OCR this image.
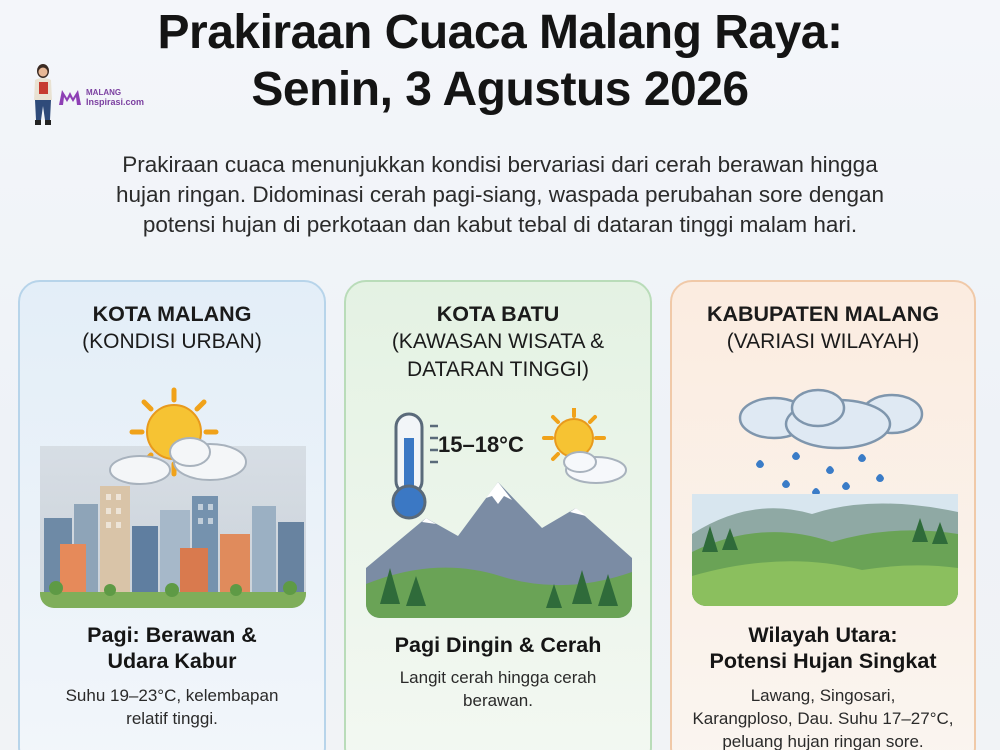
Prakiraan Cuaca Malang Raya:
Senin, 3 Agustus 2026
MALANG
Inspirasi.com
Prakiraan cuaca menunjukkan kondisi bervariasi dari cerah berawan hingga
hujan ringan. Didominasi cerah pagi-siang, waspada perubahan sore dengan
potensi hujan di perkotaan dan kabut tebal di dataran tinggi malam hari.
KOTA MALANG
(KONDISI URBAN)
Pagi: Berawan &
Udara Kabur
Suhu 19–23°C, kelembapan
relatif tinggi.
KOTA BATU
(KAWASAN WISATA &
DATARAN TINGGI)
15–18°C
Pagi Dingin & Cerah
Langit cerah hingga cerah
berawan.
KABUPATEN MALANG
(VARIASI WILAYAH)
Wilayah Utara:
Potensi Hujan Singkat
Lawang, Singosari,
Karangploso, Dau. Suhu 17–27°C,
peluang hujan ringan sore.
